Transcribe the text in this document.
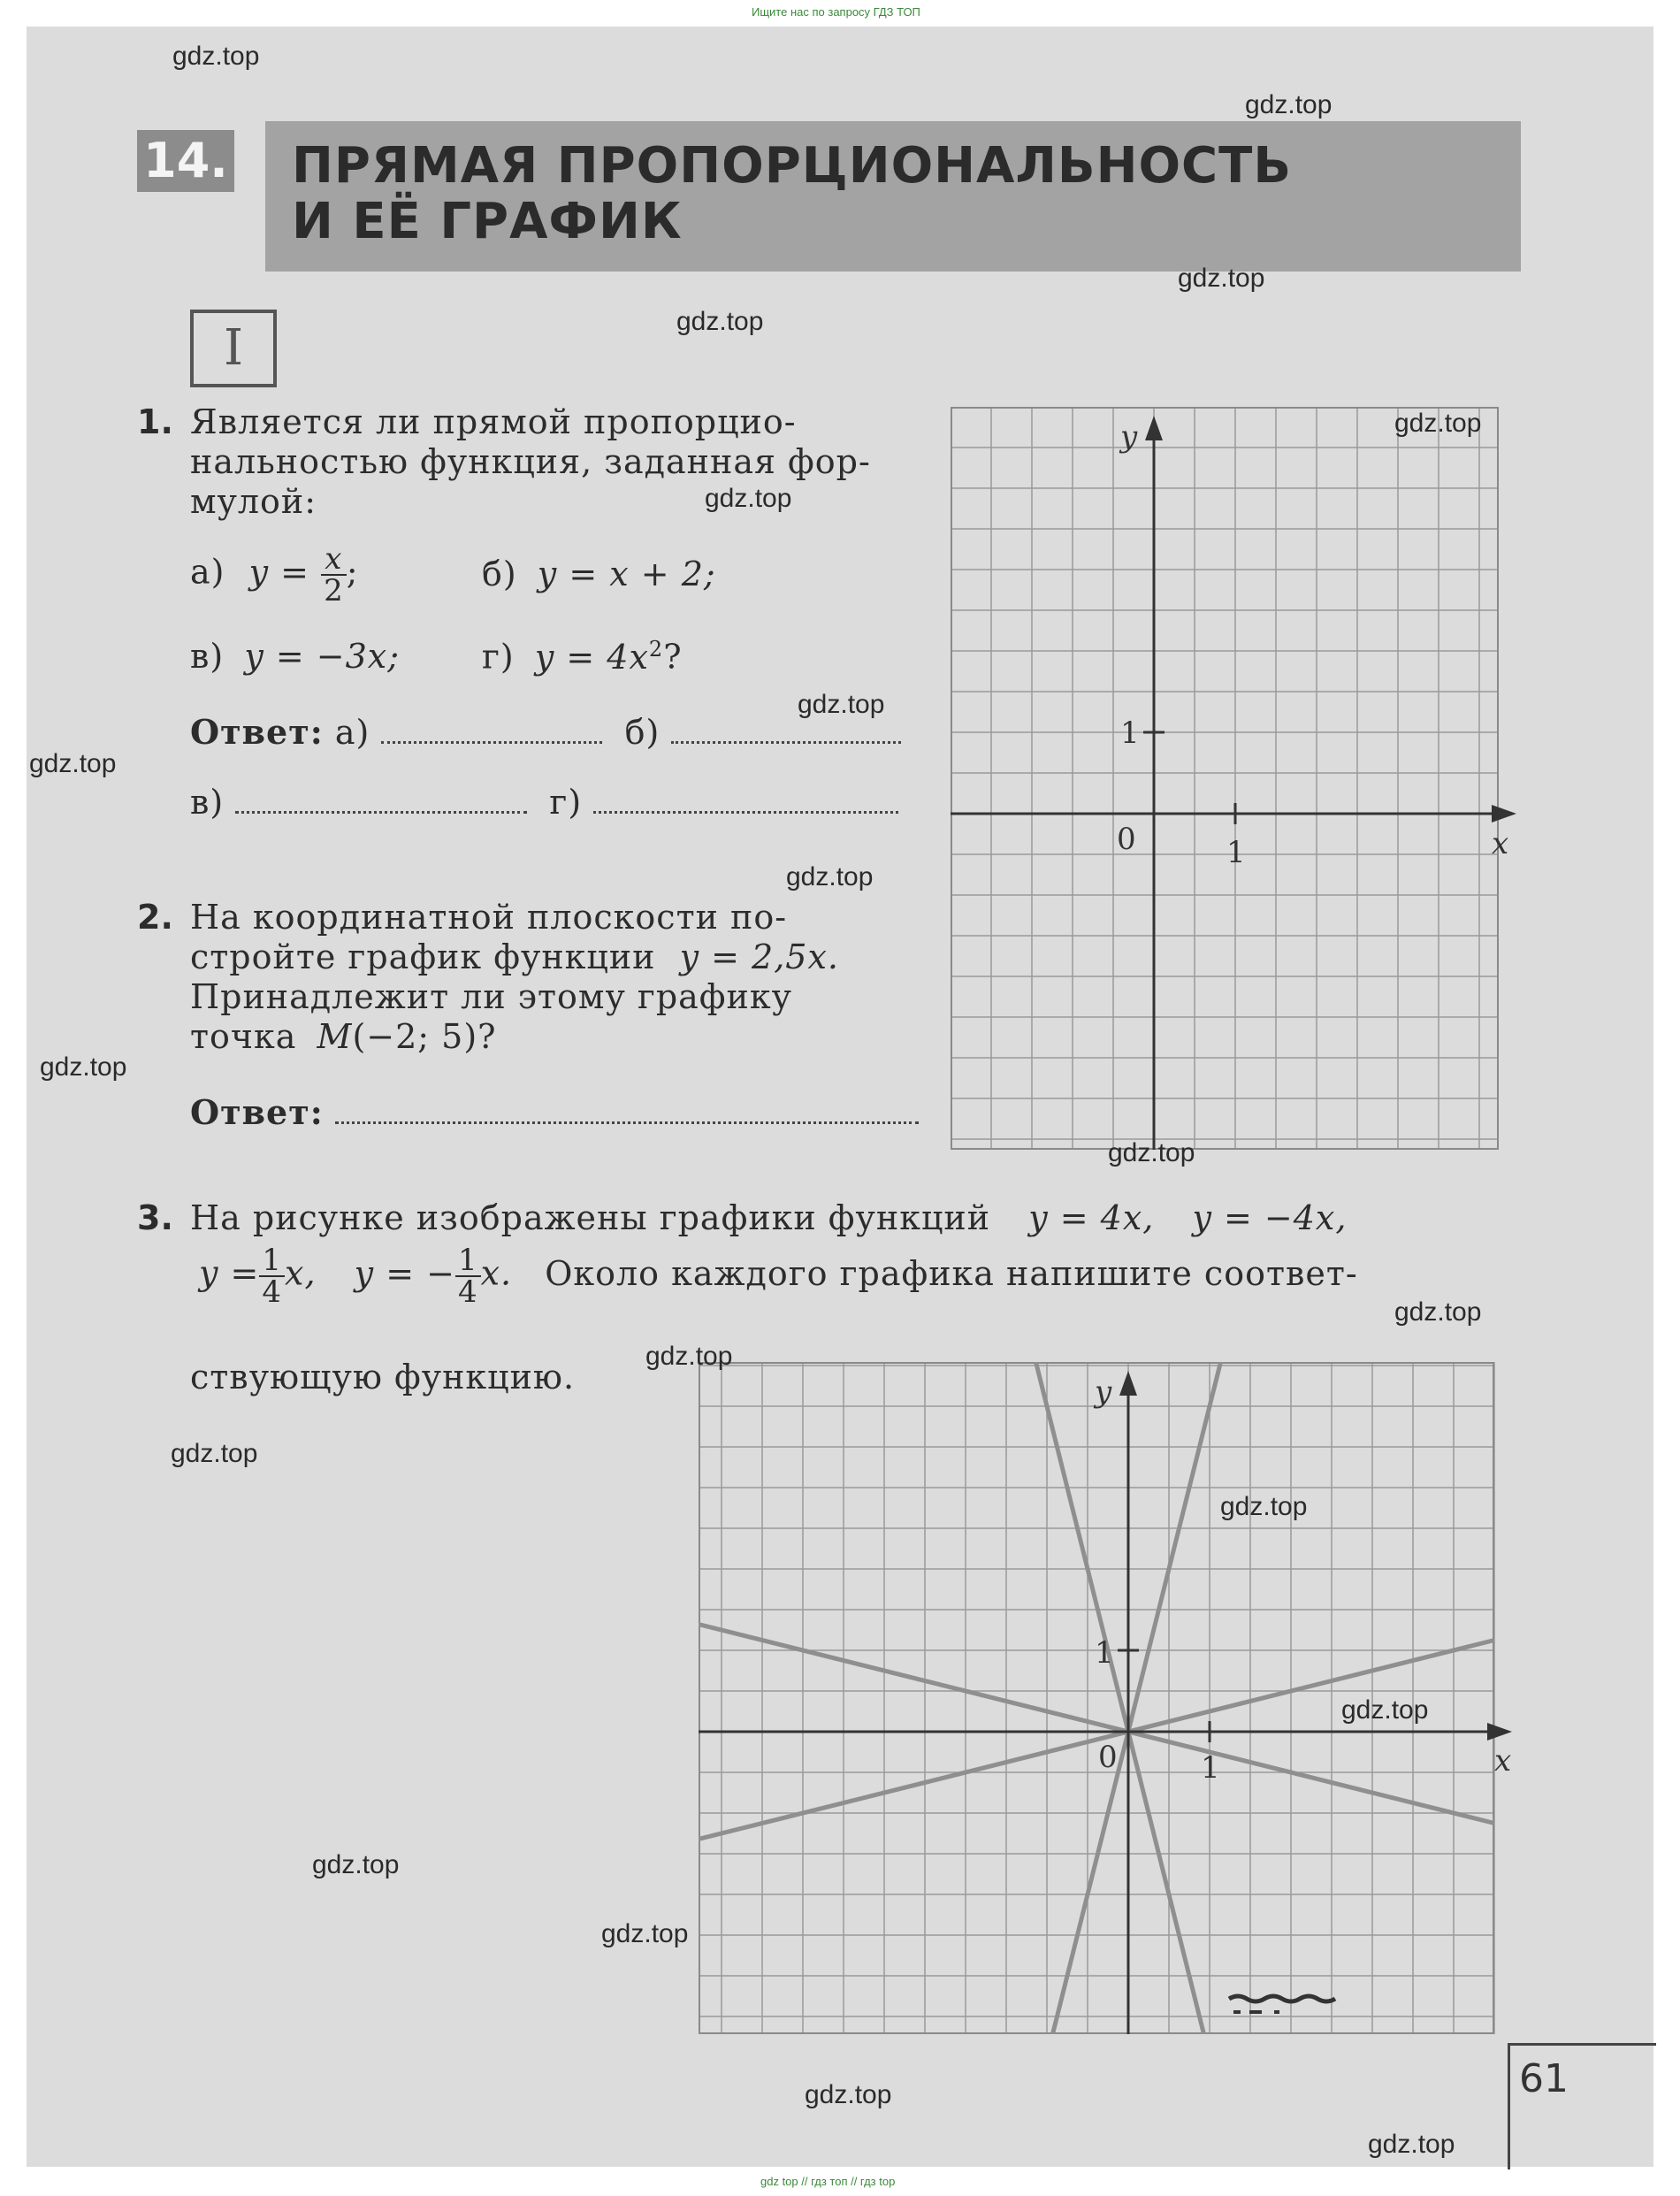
Ищите нас по запросу ГДЗ ТОП
14. ПРЯМАЯ ПРОПОРЦИОНАЛЬНОСТЬ
И ЕЁ ГРАФИК
I
1. Является ли прямой пропорцио-
нальностью функция, заданная фор-
мулой:
а) $y = \frac{x}{2}$ ;	б) y = x + 2;
в) y = −3x; г) $y = 4x^2$?
Ответ: а)	б)
в)	г)
2. На координатной плоскости по-
стройте график функции y = 2,5x.
Принадлежит ли этому графику
точка M(−2; 5)?
Ответ:
y
x
0	1
1
3. На рисунке изображены графики функций y = 4x, y = −4x,
$y = \frac{1}{4} x$, y = − $\frac{1}{4} x$. Около каждого графика напишите соответ-
ствующую функцию.	y
x
0	1
1
61
gdz.top
gdz.top
gdz.top
gdz.top
gdz.top
gdz.top
gdz.top
gdz.top
gdz.top
gdz.top
gdz.top
gdz.top
gdz.top
gdz.top
gdz.top
gdz.top
gdz.top
gdz.top
gdz.top
gdz.top
gdz top // гдз топ // гдз top
